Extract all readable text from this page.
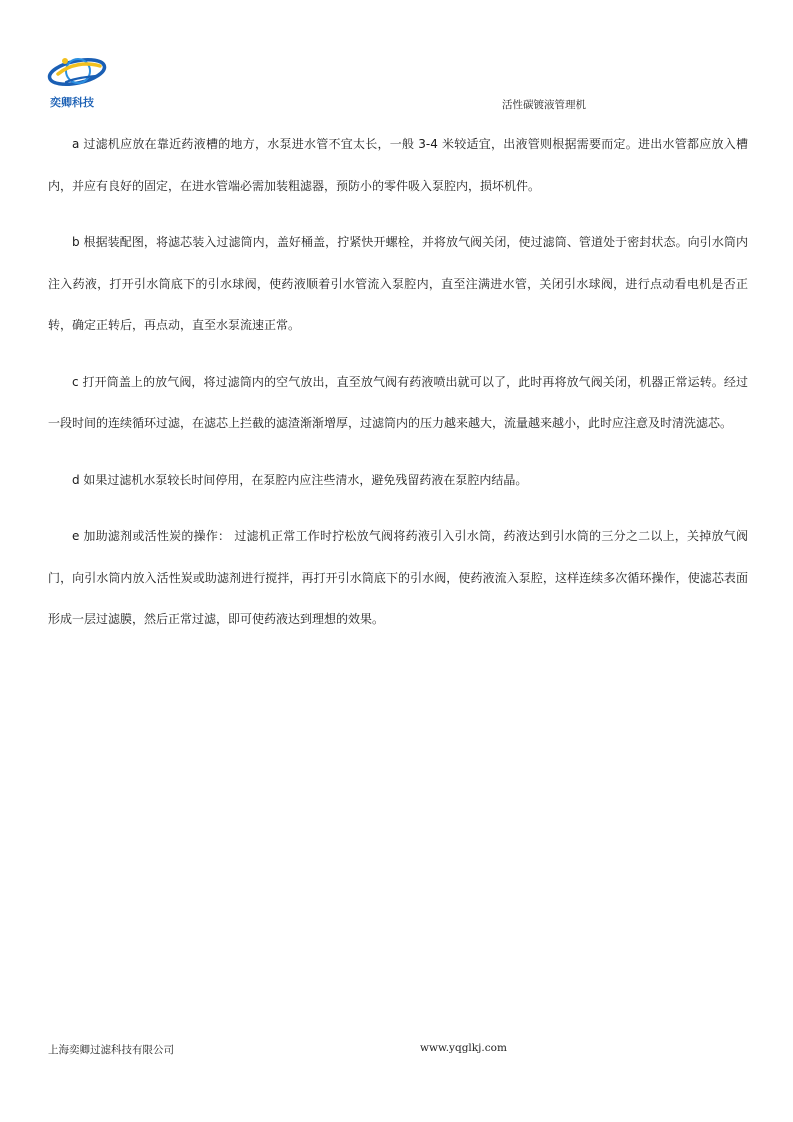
奕卿科技	活性碳镀液管理机

a 过滤机应放在靠近药液槽的地方，水泵进水管不宜太长，一般 3-4 米较适宜，出液管则根据需要而定。进出水管都应放入槽内，并应有良好的固定，在进水管端必需加装粗滤器，预防小的零件吸入泵腔内，损坏机件。

b 根据装配图，将滤芯装入过滤筒内，盖好桶盖，拧紧快开螺栓，并将放气阀关闭，使过滤筒、管道处于密封状态。向引水筒内注入药液，打开引水筒底下的引水球阀，使药液顺着引水管流入泵腔内，直至注满进水管，关闭引水球阀，进行点动看电机是否正转，确定正转后，再点动，直至水泵流速正常。

c 打开筒盖上的放气阀，将过滤筒内的空气放出，直至放气阀有药液喷出就可以了，此时再将放气阀关闭，机器正常运转。经过一段时间的连续循环过滤，在滤芯上拦截的滤渣渐渐增厚，过滤筒内的压力越来越大，流量越来越小，此时应注意及时清洗滤芯。

d 如果过滤机水泵较长时间停用，在泵腔内应注些清水，避免残留药液在泵腔内结晶。

e 加助滤剂或活性炭的操作： 过滤机正常工作时拧松放气阀将药液引入引水筒，药液达到引水筒的三分之二以上，关掉放气阀门，向引水筒内放入活性炭或助滤剂进行搅拌，再打开引水筒底下的引水阀，使药液流入泵腔，这样连续多次循环操作，使滤芯表面形成一层过滤膜，然后正常过滤，即可使药液达到理想的效果。

上海奕卿过滤科技有限公司	www.yqglkj.com
